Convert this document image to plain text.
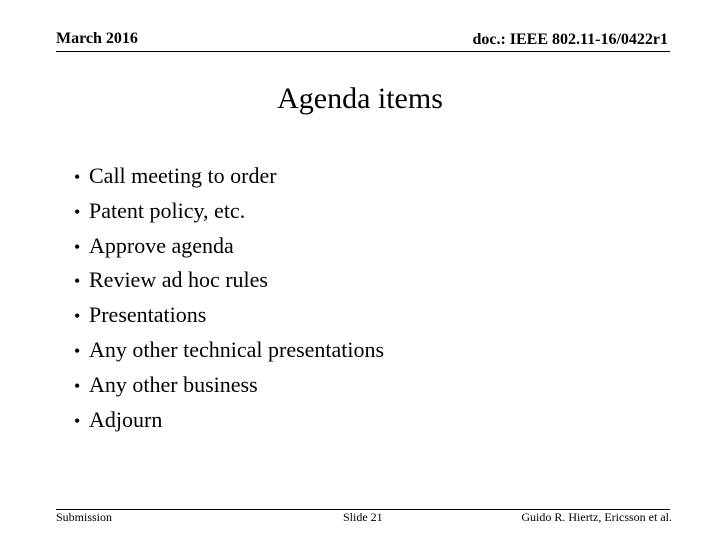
March 2016	doc.: IEEE 802.11-16/0422r1
Agenda items
• Call meeting to order
• Patent policy, etc.
• Approve agenda
• Review ad hoc rules
• Presentations
• Any other technical presentations
• Any other business
• Adjourn
Submission	Slide 21	Guido R. Hiertz, Ericsson et al.
